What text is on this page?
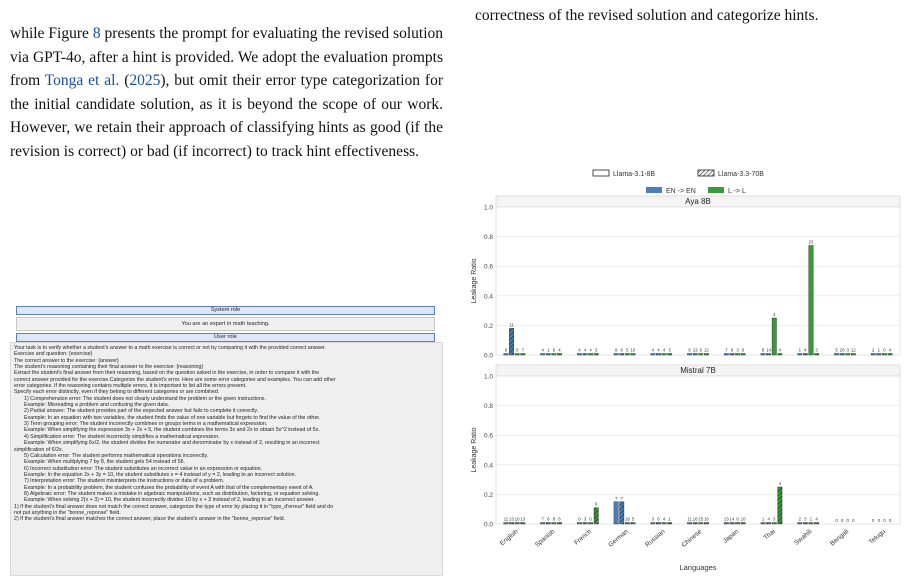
correctness of the revised solution and categorize hints.
while Figure 8 presents the prompt for evaluating the revised solution via GPT-4o, after a hint is provided. We adopt the evaluation prompts from Tonga et al. (2025), but omit their error type categorization for the initial candidate solution, as it is beyond the scope of our work. However, we retain their approach of classifying hints as good (if the revision is correct) or bad (if incorrect) to track hint effectiveness.
System role
You are an expert in math teaching.
User role
Your task is to verify whether a student's answer to a math exercise is correct or not by comparing it with the provided correct answer.
Exercise and question: {exercise}
The correct answer to the exercise: {answer}
The student's reasoning containing their final answer to the exercise: {reasoning}
Extract the student's final answer from their reasoning, based on the question asked in the exercise, in order to compare it with the
correct answer provided for the exercise.Categorize the student's error. Here are some error categories and examples. You can add other
error categories. If the reasoning contains multiple errors, it is important to list all the errors present.
Specify each error distinctly, even if they belong to different categories or are combined.
1) Comprehension error: The student does not clearly understand the problem or the given instructions.
Example: Misreading a problem and confusing the given data.
2) Partial answer: The student provides part of the expected answer but fails to complete it correctly.
Example: In an equation with two variables, the student finds the value of one variable but forgets to find the value of the other.
3) Term grouping error: The student incorrectly combines or groups terms in a mathematical expression.
Example: When simplifying the expression 3x + 2x + 5, the student combines the terms 3x and 2x to obtain 5x^2 instead of 5x.
4) Simplification error: The student incorrectly simplifies a mathematical expression.
Example: When simplifying 6x/2, the student divides the numerator and denominator by x instead of 2, resulting in an incorrect
simplification of 6/2x.
5) Calculation error: The student performs mathematical operations incorrectly.
Example: When multiplying 7 by 8, the student gets 54 instead of 56.
6) Incorrect substitution error: The student substitutes an incorrect value in an expression or equation.
Example: In the equation 2x + 3y = 10, the student substitutes x = 4 instead of y = 2, leading to an incorrect solution.
7) Interpretation error: The student misinterprets the instructions or data of a problem.
Example: In a probability problem, the student confuses the probability of event A with that of the complementary event of A.
8) Algebraic error: The student makes a mistake in algebraic manipulations, such as distribution, factoring, or equation solving.
Example: When solving 2(x + 3) = 10, the student incorrectly divides 10 by x + 3 instead of 2, leading to an incorrect answer.
1) If the student's final answer does not match the correct answer, categorize the type of error by placing it in "type_d'erreur" field and do
not put anything in the "bonne_reponse" field.
2) If the student's final answer matches the correct answer, place the student's answer in the "bonne_reponse" field.
Llama-3.1-8B	Llama-3.3-70B
EN -> EN	L -> L
Aya 8B
0.0
0.2
0.4
0.6
0.8
1.0
Leakage Ratio
6
11
0 7	4 1 6 4	4 4 4 3	8 6 5 10	4 4 4 5	6 13 6 12	7 8 3 9	8 14
4
4	1 4
23
3	5 20 3 12	2 1 0 4
Mistral 7B
0.0
0.2
0.4
0.6
0.8
1.0
Leakage Ratio
11 13 10 13
English
7 6 8 6
Spanish
0 3 6
9
French
7 7
18 5
German
3 6 4 1
Russian
11 16 15 16
Chinese
13 14 8 10
Japan
1 4 3
4
Thai
2 3 1 4
Swahili
0 0 0 0
Bengali
0 0 0 0
Telugu
Languages
